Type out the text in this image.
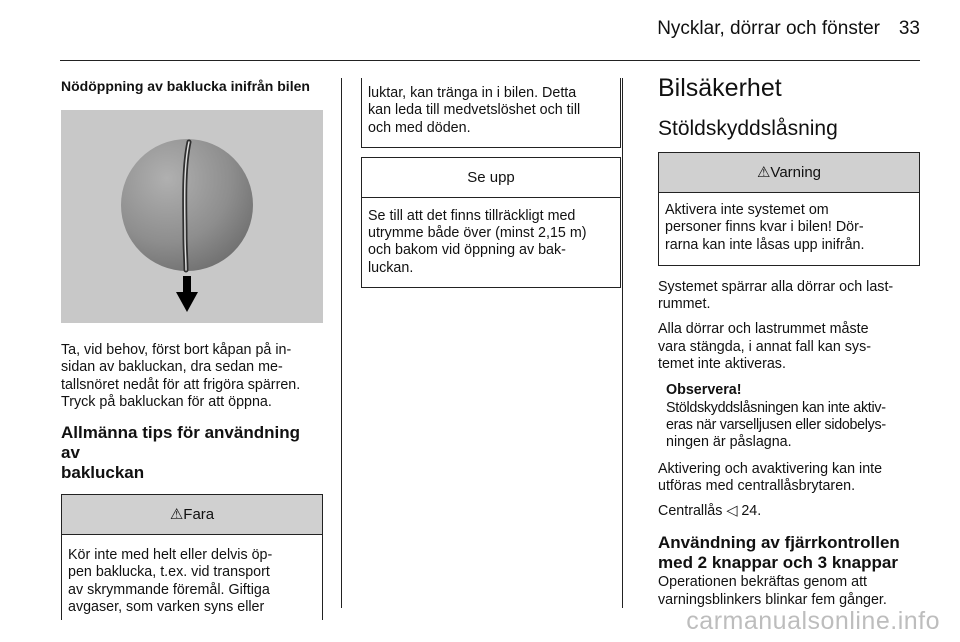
Nycklar, dörrar och fönster 33

Nödöppning av baklucka inifrån bilen

Ta, vid behov, först bort kåpan på in-
sidan av bakluckan, dra sedan me-
tallsnöret nedåt för att frigöra spärren.
Tryck på bakluckan för att öppna.
Allmänna tips för användning av
bakluckan
⚠Fara
Kör inte med helt eller delvis öp-
pen baklucka, t.ex. vid transport
av skrymmande föremål. Giftiga
avgaser, som varken syns eller
luktar, kan tränga in i bilen. Detta
kan leda till medvetslöshet och till
och med döden.
Se upp
Se till att det finns tillräckligt med
utrymme både över (minst 2,15 m)
och bakom vid öppning av bak-
luckan.
Bilsäkerhet
Stöldskyddslåsning
⚠Varning
Aktivera inte systemet om
personer finns kvar i bilen! Dör-
rarna kan inte låsas upp inifrån.
Systemet spärrar alla dörrar och last-
rummet.
Alla dörrar och lastrummet måste
vara stängda, i annat fall kan sys-
temet inte aktiveras.
Observera!
Stöldskyddslåsningen kan inte aktiv-
eras när varselljusen eller sidobelys-
ningen är påslagna.
Aktivering och avaktivering kan inte
utföras med centrallåsbrytaren.
Centrallås ◁ 24.
Användning av fjärrkontrollen
med 2 knappar och 3 knappar
Operationen bekräftas genom att
varningsblinkers blinkar fem gånger.
carmanualsonline.info
